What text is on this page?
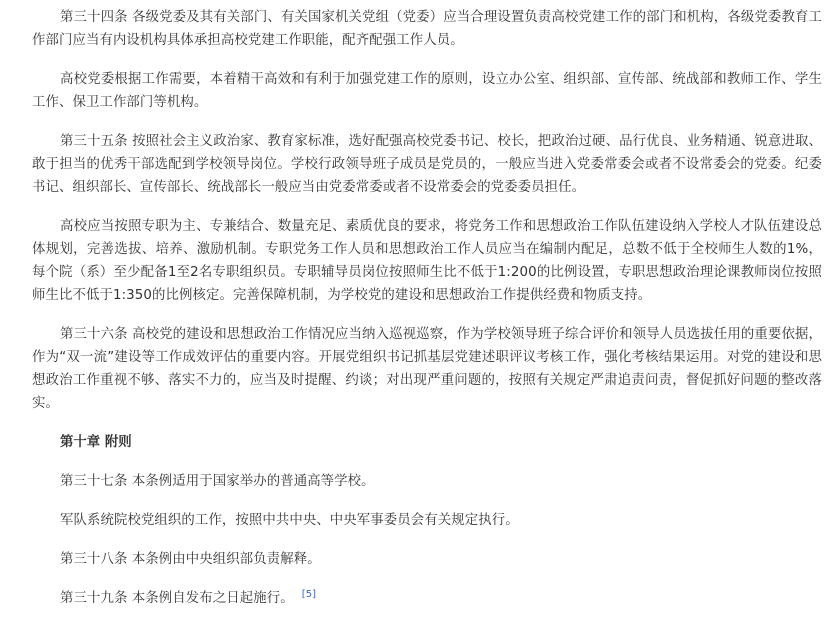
第三十四条 各级党委及其有关部门、有关国家机关党组（党委）应当合理设置负责高校党建工作的部门和机构，各级党委教育工作部门应当有内设机构具体承担高校党建工作职能，配齐配强工作人员。

高校党委根据工作需要，本着精干高效和有利于加强党建工作的原则，设立办公室、组织部、宣传部、统战部和教师工作、学生工作、保卫工作部门等机构。

第三十五条 按照社会主义政治家、教育家标准，选好配强高校党委书记、校长，把政治过硬、品行优良、业务精通、锐意进取、敢于担当的优秀干部选配到学校领导岗位。学校行政领导班子成员是党员的，一般应当进入党委常委会或者不设常委会的党委。纪委书记、组织部长、宣传部长、统战部长一般应当由党委常委或者不设常委会的党委委员担任。

高校应当按照专职为主、专兼结合、数量充足、素质优良的要求，将党务工作和思想政治工作队伍建设纳入学校人才队伍建设总体规划，完善选拔、培养、激励机制。专职党务工作人员和思想政治工作人员应当在编制内配足，总数不低于全校师生人数的1%，每个院（系）至少配备1至2名专职组织员。专职辅导员岗位按照师生比不低于1:200的比例设置，专职思想政治理论课教师岗位按照师生比不低于1:350的比例核定。完善保障机制，为学校党的建设和思想政治工作提供经费和物质支持。

第三十六条 高校党的建设和思想政治工作情况应当纳入巡视巡察，作为学校领导班子综合评价和领导人员选拔任用的重要依据，作为“双一流”建设等工作成效评估的重要内容。开展党组织书记抓基层党建述职评议考核工作，强化考核结果运用。对党的建设和思想政治工作重视不够、落实不力的，应当及时提醒、约谈；对出现严重问题的，按照有关规定严肃追责问责，督促抓好问题的整改落实。

第十章 附则

第三十七条 本条例适用于国家举办的普通高等学校。

军队系统院校党组织的工作，按照中共中央、中央军事委员会有关规定执行。

第三十八条 本条例由中央组织部负责解释。

第三十九条 本条例自发布之日起施行。 [5]
